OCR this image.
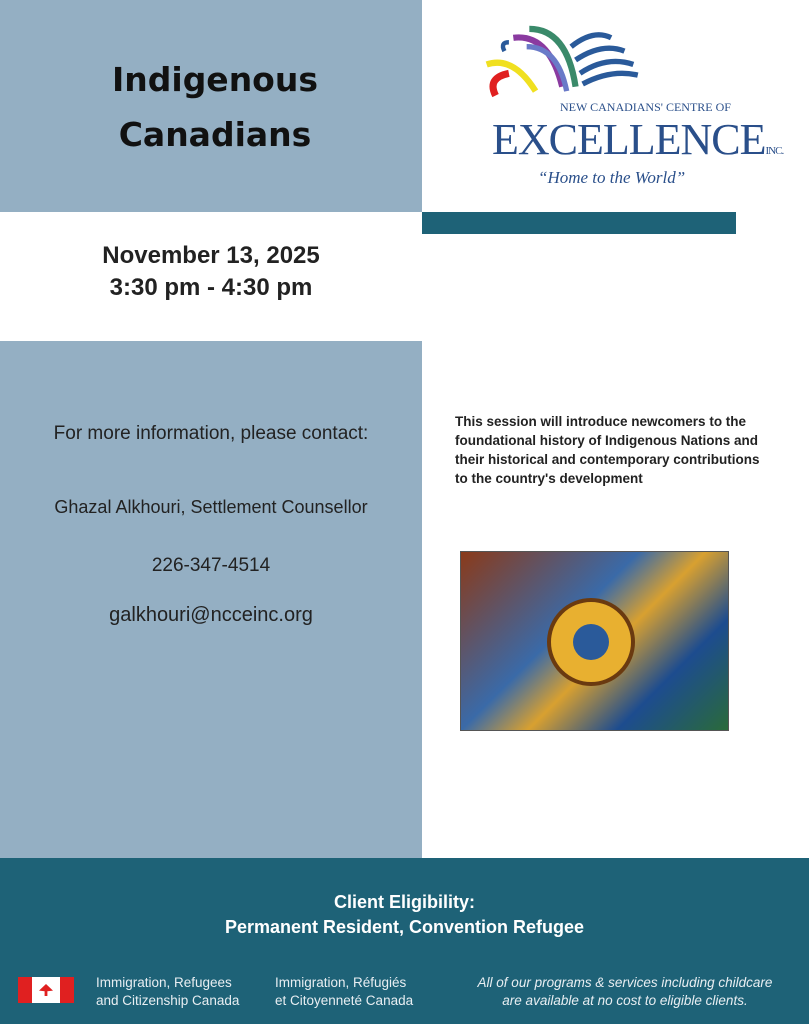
Indigenous
Canadians
NEW CANADIANS' CENTRE OF
EXCELLENCEINC.
“Home to the World”
November 13, 2025
3:30 pm - 4:30 pm
For more information, please contact:
Ghazal Alkhouri, Settlement Counsellor
226-347-4514
galkhouri@ncceinc.org
This session will introduce newcomers to the foundational history of Indigenous Nations and their historical and contemporary contributions to the country's development
Client Eligibility:
Permanent Resident, Convention Refugee
Immigration, Refugees
and Citizenship Canada
Immigration, Réfugiés
et Citoyenneté Canada
All of our programs & services including childcare
are available at no cost to eligible clients.
